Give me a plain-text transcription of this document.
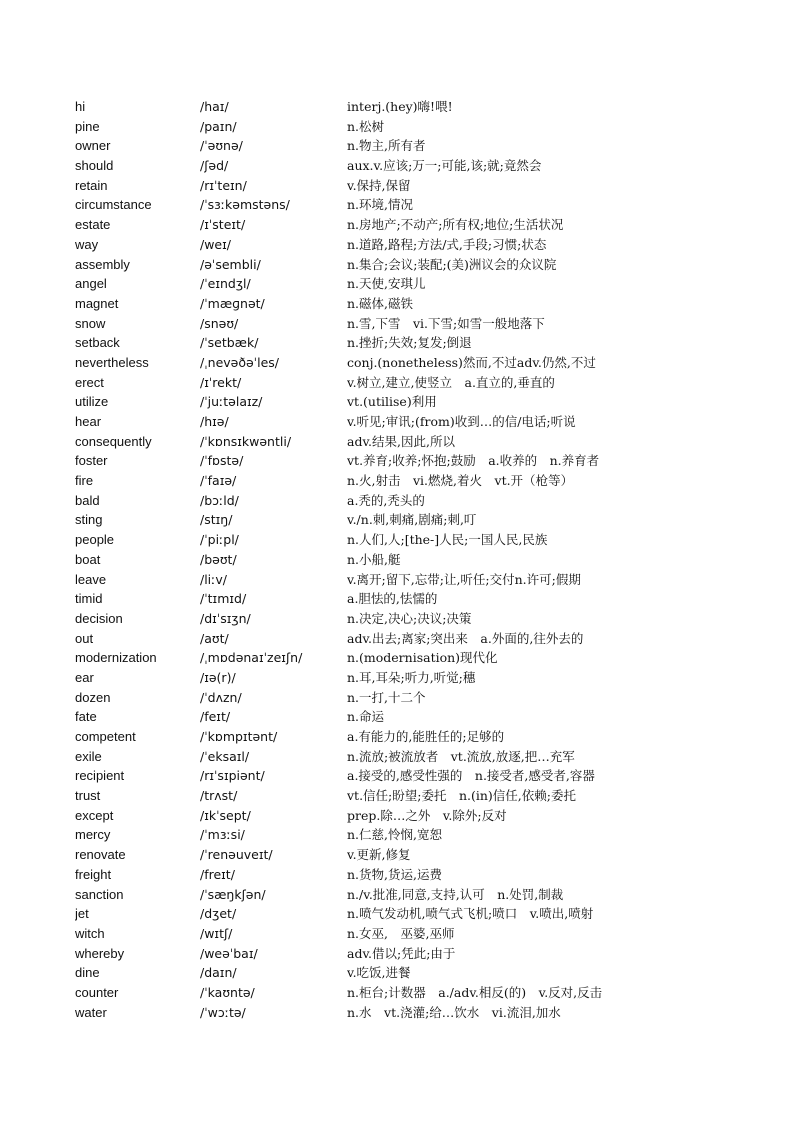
hi	/haɪ/	interj.(hey)嗨!喂!
pine	/paɪn/	n.松树
owner	/ˈəʊnə/	n.物主,所有者
should	/ʃəd/	aux.v.应该;万一;可能,该;就;竟然会
retain	/rɪˈteɪn/	v.保持,保留
circumstance	/ˈsɜːkəmstəns/	n.环境,情况
estate	/ɪˈsteɪt/	n.房地产;不动产;所有权;地位;生活状况
way	/weɪ/	n.道路,路程;方法/式,手段;习惯;状态
assembly	/əˈsembli/	n.集合;会议;装配;(美)洲议会的众议院
angel	/ˈeɪndʒl/	n.天使,安琪儿
magnet	/ˈmæɡnət/	n.磁体,磁铁
snow	/snəʊ/	n.雪,下雪　vi.下雪;如雪一般地落下
setback	/ˈsetbæk/	n.挫折;失效;复发;倒退
nevertheless	/ˌnevəðəˈles/	conj.(nonetheless)然而,不过adv.仍然,不过
erect	/ɪˈrekt/	v.树立,建立,使竖立　a.直立的,垂直的
utilize	/ˈjuːtəlaɪz/	vt.(utilise)利用
hear	/hɪə/	v.听见;审讯;(from)收到…的信/电话;听说
consequently	/ˈkɒnsɪkwəntli/	adv.结果,因此,所以
foster	/ˈfɒstə/	vt.养育;收养;怀抱;鼓励　a.收养的　n.养育者
fire	/ˈfaɪə/	n.火,射击　vi.燃烧,着火　vt.开（枪等）
bald	/bɔːld/	a.秃的,秃头的
sting	/stɪŋ/	v./n.刺,刺痛,剧痛;刺,叮
people	/ˈpiːpl/	n.人们,人;[the-]人民;一国人民,民族
boat	/bəʊt/	n.小船,艇
leave	/liːv/	v.离开;留下,忘带;让,听任;交付n.许可;假期
timid	/ˈtɪmɪd/	a.胆怯的,怯懦的
decision	/dɪˈsɪʒn/	n.决定,决心;决议;决策
out	/aʊt/	adv.出去;离家;突出来　a.外面的,往外去的
modernization	/ˌmɒdənaɪˈzeɪʃn/	n.(modernisation)现代化
ear	/ɪə(r)/	n.耳,耳朵;听力,听觉;穗
dozen	/ˈdʌzn/	n.一打,十二个
fate	/feɪt/	n.命运
competent	/ˈkɒmpɪtənt/	a.有能力的,能胜任的;足够的
exile	/ˈeksaɪl/	n.流放;被流放者　vt.流放,放逐,把…充军
recipient	/rɪˈsɪpiənt/	a.接受的,感受性强的　n.接受者,感受者,容器
trust	/trʌst/	vt.信任;盼望;委托　n.(in)信任,依赖;委托
except	/ɪkˈsept/	prep.除…之外　v.除外;反对
mercy	/ˈmɜːsi/	n.仁慈,怜悯,宽恕
renovate	/ˈrenəuveɪt/	v.更新,修复
freight	/freɪt/	n.货物,货运,运费
sanction	/ˈsæŋkʃən/	n./v.批准,同意,支持,认可　n.处罚,制裁
jet	/dʒet/	n.喷气发动机,喷气式飞机;喷口　v.喷出,喷射
witch	/wɪtʃ/	n.女巫,　巫婆,巫师
whereby	/weəˈbaɪ/	adv.借以;凭此;由于
dine	/daɪn/	v.吃饭,进餐
counter	/ˈkaʊntə/	n.柜台;计数器　a./adv.相反(的)　v.反对,反击
water	/ˈwɔːtə/	n.水　vt.浇灌;给…饮水　vi.流泪,加水
